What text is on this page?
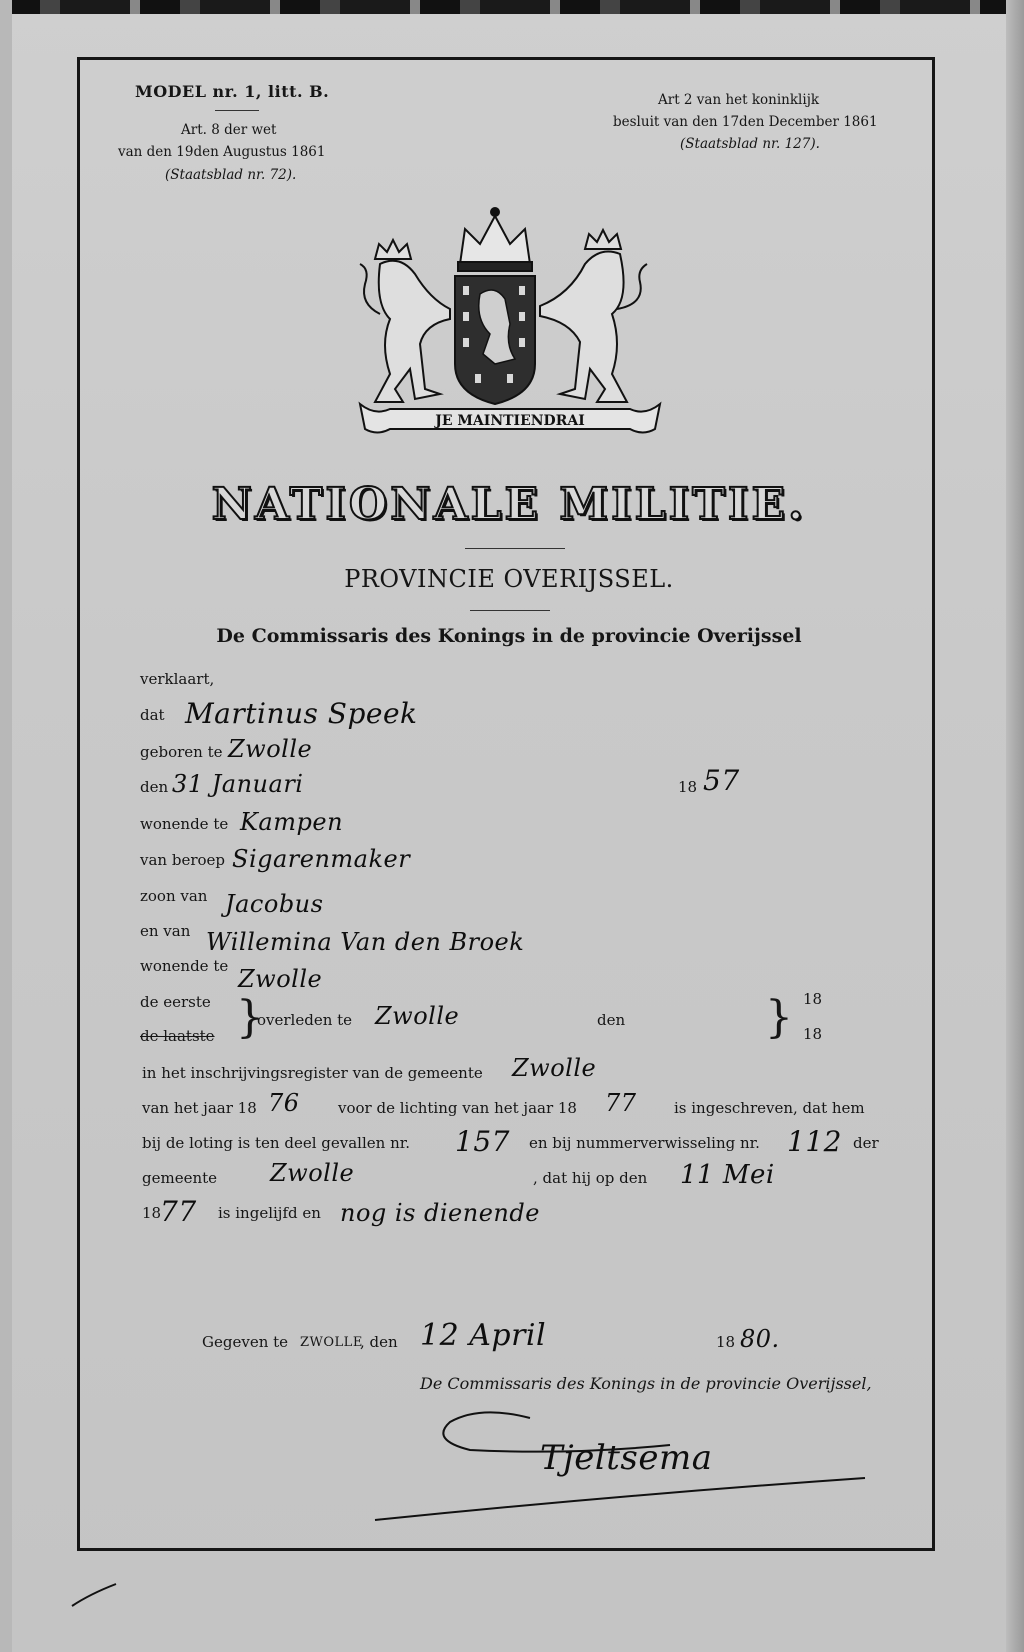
MODEL nr. 1, litt. B.
Art. 8 der wet
van den 19den Augustus 1861
(Staatsblad nr. 72).
Art 2 van het koninklijk
besluit van den 17den December 1861
(Staatsblad nr. 127).
JE MAINTIENDRAI
NATIONALE MILITIE.
PROVINCIE OVERIJSSEL.
De Commissaris des Konings in de provincie Overijssel
verklaart,
dat Martinus Speek
geboren te Zwolle
den 31 Januari	18 57
wonende te Kampen
van beroep Sigarenmaker
zoon van Jacobus
en van Willemina Van den Broek
wonende te Zwolle
de eerste
de laatste }
overleden te Zwolle	den	} 18
18
in het inschrijvingsregister van de gemeente Zwolle
van het jaar 18 76	voor de lichting van het jaar 18 77 is ingeschreven, dat hem
bij de loting is ten deel gevallen nr. 157 en bij nummerverwisseling nr. 112 der
gemeente Zwolle	, dat hij op den 11 Mei
18
77 is ingelijfd en nog is dienende
Gegeven te ZWOLLE
, den 12 April	18 80.
De Commissaris des Konings in de provincie Overijssel,
Tjeltsema
